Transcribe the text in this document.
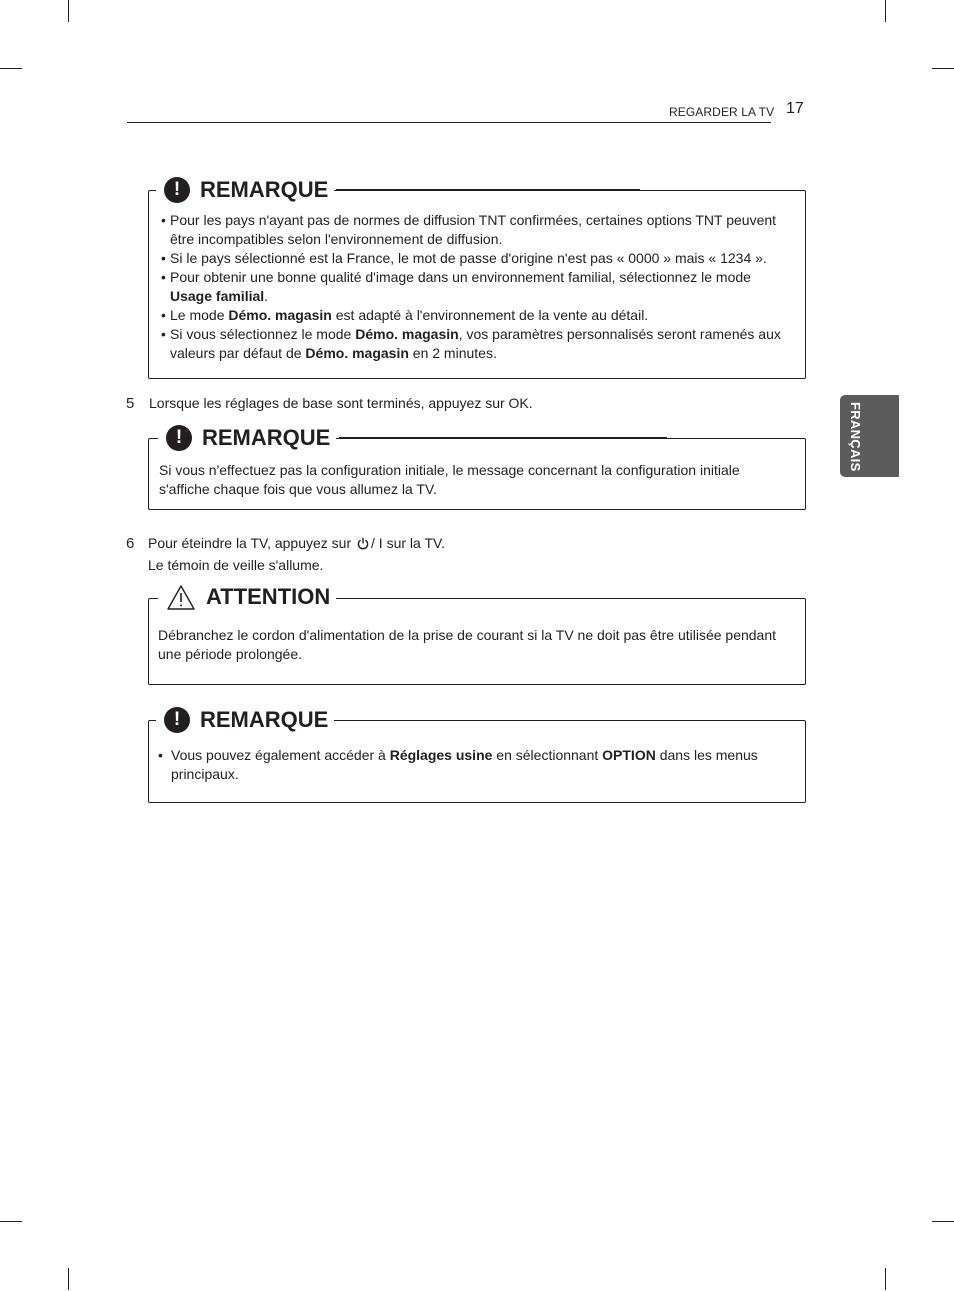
REGARDER LA TV 17
FRANÇAIS
! REMARQUE
• Pour les pays n'ayant pas de normes de diffusion TNT confirmées, certaines options TNT peuvent être incompatibles selon l'environnement de diffusion.
• Si le pays sélectionné est la France, le mot de passe d'origine n'est pas « 0000 » mais « 1234 ».
• Pour obtenir une bonne qualité d'image dans un environnement familial, sélectionnez le mode Usage familial.
• Le mode Démo. magasin est adapté à l'environnement de la vente au détail.
• Si vous sélectionnez le mode Démo. magasin, vos paramètres personnalisés seront ramenés aux valeurs par défaut de Démo. magasin en 2 minutes.
5 Lorsque les réglages de base sont terminés, appuyez sur OK.
! REMARQUE
Si vous n'effectuez pas la configuration initiale, le message concernant la configuration initiale s'affiche chaque fois que vous allumez la TV.
6 Pour éteindre la TV, appuyez sur / I sur la TV.
Le témoin de veille s'allume.
ATTENTION
Débranchez le cordon d'alimentation de la prise de courant si la TV ne doit pas être utilisée pendant une période prolongée.
! REMARQUE
• Vous pouvez également accéder à Réglages usine en sélectionnant OPTION dans les menus principaux.
